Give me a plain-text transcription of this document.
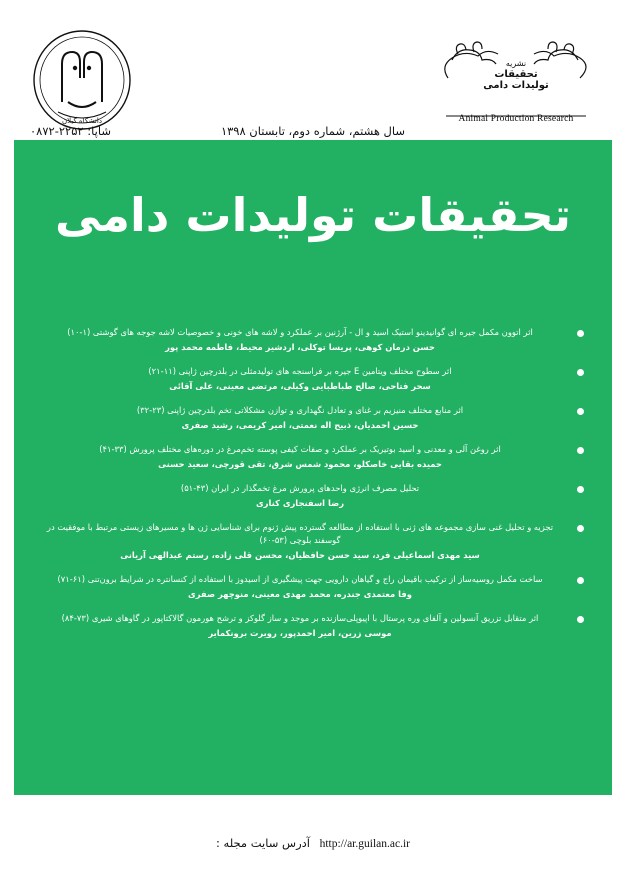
دانشگاه گیلان
نشریه
تحقیقات
تولیدات دامی
Animal Production Research
سال هشتم، شماره دوم، تابستان ۱۳۹۸
شاپا: ۲۲۵۲-۰۸۷۲
تحقیقات تولیدات دامی
اثر اتوون مکمل جیره ای گوانیدینو استیک اسید و ال - آرژنین بر عملکرد و لاشه های خونی و خصوصیات لاشه جوجه های گوشتی (۱-۱۰)
حسن درمان کوهی، پریسا توکلی، اردشیر محیط، فاطمه محمد پور
اثر سطوح مختلف ویتامین E جیره بر فراسنجه های تولیدمثلی در بلدرچین ژاپنی (۱۱-۲۱)
سحر فتاحی، صالح طباطبایی وکیلی، مرتضی معینی، علی آقائی
اثر منابع مختلف منیزیم بر غنای و تعادل نگهداری و توازن مشکلاتی تخم بلدرچین ژاپنی (۲۳-۳۲)
حسین احمدیان، ذبیح اله نعمتی، امیر کریمی، رشید صفری
اثر روغن آلی و معدنی و اسید بوتیریک بر عملکرد و صفات کیفی پوسته تخم‌مرغ در دوره‌های مختلف پرورش (۳۳-۴۱)
حمیده بقایی خاصکلو، محمود شمس شرق، تقی قورچی، سعید حسنی
تحلیل مصرف انرژی واحدهای پرورش مرغ تخمگذار در ایران (۴۳-۵۱)
رضا اسفنجاری کناری
تجزیه و تحلیل غنی سازی مجموعه های ژنی با استفاده از مطالعه گسترده پیش ژنوم برای شناسایی ژن ها و مسیرهای زیستی مرتبط با موفقیت در گوسفند بلوچی (۵۳-۶۰)
سید مهدی اسماعیلی فرد، سید حسن حافظیان، محسن قلی زاده، رستم عبدالهی آریانی
ساخت مکمل روسیه‌ساز از ترکیب باقیمان راج و گیاهان دارویی جهت پیشگیری از اسیدوز با استفاده از کنسانتره در شرایط برون‌تنی (۶۱-۷۱)
وفا معتمدی جندره، محمد مهدی معینی، منوچهر صفری
اثر متقابل تزریق آنسولین و آلفای وره پرستال با اپیوپلی‌سازنده بر موجد و ساز گلوکز و ترشح هورمون گالاکتاپور در گاوهای شیری (۷۳-۸۴)
موسی زرین، امیر احمدپور، رویرت برونکمایر
http://ar.guilan.ac.ir آدرس سایت مجله :
